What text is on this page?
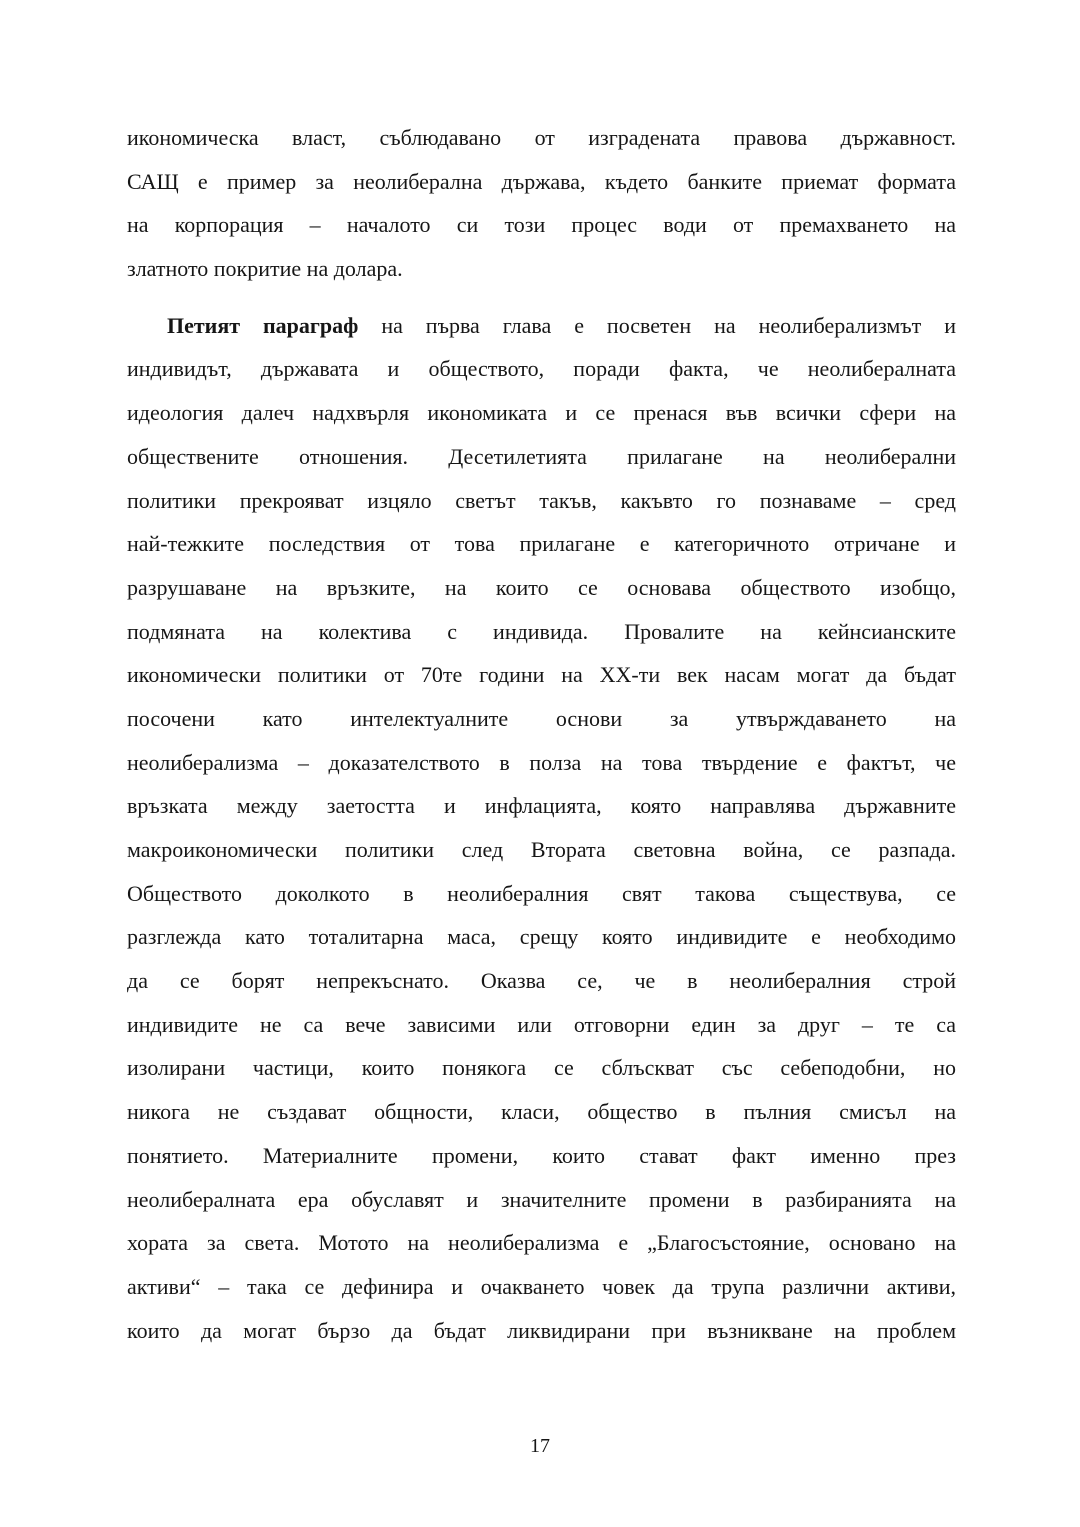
икономическа власт, съблюдавано от изградената правова държавност.
САЩ е пример за неолиберална държава, където банките приемат формата
на корпорация – началото си този процес води от премахването на
златното покритие на долара.
Петият параграф на първа глава е посветен на неолиберализмът и
индивидът, държавата и обществото, поради факта, че неолибералната
идеология далеч надхвърля икономиката и се пренася във всички сфери на
обществените отношения. Десетилетията прилагане на неолиберални
политики прекрояват изцяло светът такъв, какъвто го познаваме – сред
най-тежките последствия от това прилагане е категоричното отричане и
разрушаване на връзките, на които се основава обществото изобщо,
подмяната на колектива с индивида. Провалите на кейнсианските
икономически политики от 70те години на ХХ-ти век насам могат да бъдат
посочени като интелектуалните основи за утвърждаването на
неолиберализма – доказателството в полза на това твърдение е фактът, че
връзката между заетостта и инфлацията, която направлява държавните
макроикономически политики след Втората световна война, се разпада.
Обществото доколкото в неолибералния свят такова съществува, се
разглежда като тоталитарна маса, срещу която индивидите е необходимо
да се борят непрекъснато. Оказва се, че в неолибералния строй
индивидите не са вече зависими или отговорни един за друг – те са
изолирани частици, които понякога се сблъскват със себеподобни, но
никога не създават общности, класи, общество в пълния смисъл на
понятието. Материалните промени, които стават факт именно през
неолибералната ера обуславят и значителните промени в разбиранията на
хората за света. Мотото на неолиберализма е „Благосъстояние, основано на
активи“ – така се дефинира и очакването човек да трупа различни активи,
които да могат бързо да бъдат ликвидирани при възникване на проблем
17
